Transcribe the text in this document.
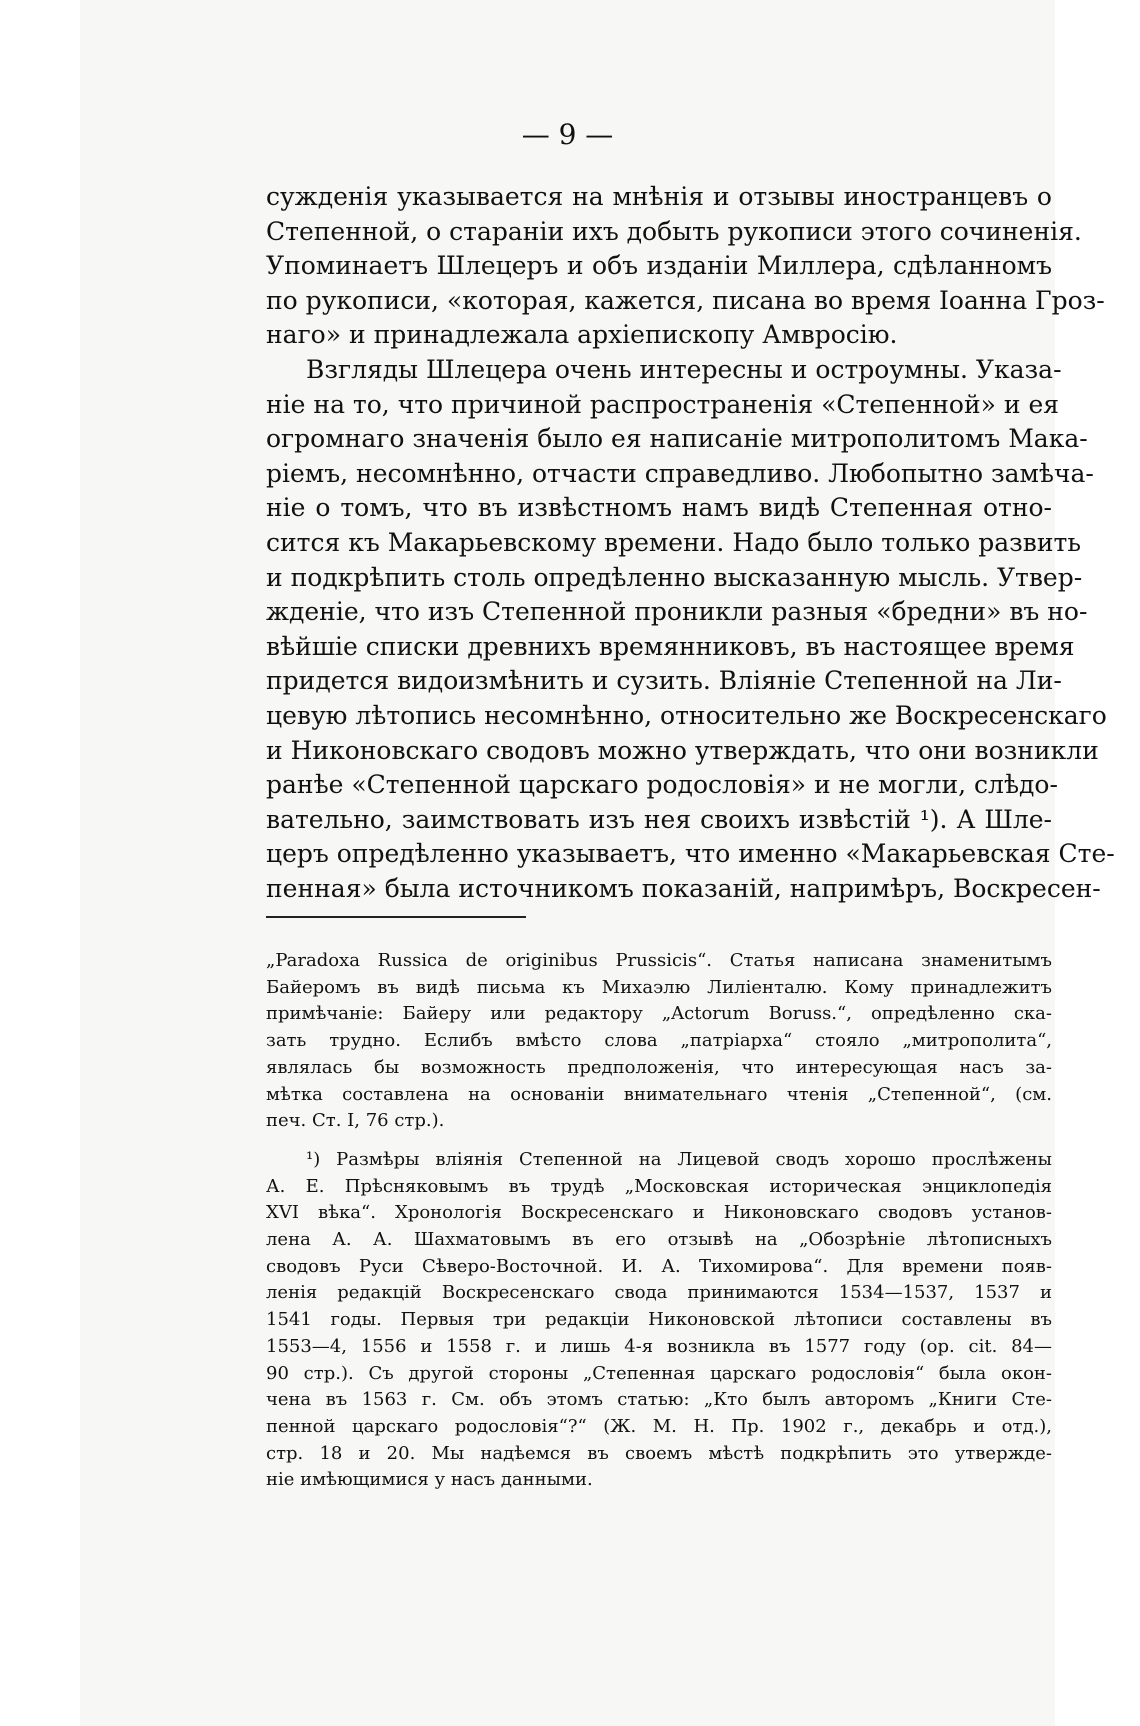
— 9 —
сужденія указывается на мнѣнія и отзывы иностранцевъ о
Степенной, о стараніи ихъ добыть рукописи этого сочиненія.
Упоминаетъ Шлецеръ и объ изданіи Миллера, сдѣланномъ
по рукописи, «которая, кажется, писана во время Іоанна Гроз-
наго» и принадлежала архіепископу Амвросію.
Взгляды Шлецера очень интересны и остроумны. Указа-
ніе на то, что причиной распространенія «Степенной» и ея
огромнаго значенія было ея написаніе митрополитомъ Мака-
ріемъ, несомнѣнно, отчасти справедливо. Любопытно замѣча-
ніе о томъ, что въ извѣстномъ намъ видѣ Степенная отно-
сится къ Макарьевскому времени. Надо было только развить
и подкрѣпить столь опредѣленно высказанную мысль. Утвер-
жденіе, что изъ Степенной проникли разныя «бредни» въ но-
вѣйшіе списки древнихъ времянниковъ, въ настоящее время
придется видоизмѣнить и сузить. Вліяніе Степенной на Ли-
цевую лѣтопись несомнѣнно, относительно же Воскресенскаго
и Никоновскаго сводовъ можно утверждать, что они возникли
ранѣе «Степенной царскаго родословія» и не могли, слѣдо-
вательно, заимствовать изъ нея своихъ извѣстій ¹). А Шле-
церъ опредѣленно указываетъ, что именно «Макарьевская Сте-
пенная» была источникомъ показаній, напримѣръ, Воскресен-
„Paradoxa Russica de originibus Prussicis“. Статья написана знаменитымъ
Байеромъ въ видѣ письма къ Михаэлю Лиліенталю. Кому принадлежитъ
примѣчаніе: Байеру или редактору „Actorum Boruss.“, опредѣленно ска-
зать трудно. Еслибъ вмѣсто слова „патріарха“ стояло „митрополита“,
являлась бы возможность предположенія, что интересующая насъ за-
мѣтка составлена на основаніи внимательнаго чтенія „Степенной“, (см.
печ. Ст. I, 76 стр.).
¹) Размѣры вліянія Степенной на Лицевой сводъ хорошо прослѣжены
А. Е. Прѣсняковымъ въ трудѣ „Московская историческая энциклопедія
XVI вѣка“. Хронологія Воскресенскаго и Никоновскаго сводовъ установ-
лена А. А. Шахматовымъ въ его отзывѣ на „Обозрѣніе лѣтописныхъ
сводовъ Руси Сѣверо-Восточной. И. А. Тихомирова“. Для времени появ-
ленія редакцій Воскресенскаго свода принимаются 1534—1537, 1537 и
1541 годы. Первыя три редакціи Никоновской лѣтописи составлены въ
1553—4, 1556 и 1558 г. и лишь 4-я возникла въ 1577 году (op. cit. 84—
90 стр.). Съ другой стороны „Степенная царскаго родословія“ была окон-
чена въ 1563 г. См. объ этомъ статью: „Кто былъ авторомъ „Книги Сте-
пенной царскаго родословія“?“ (Ж. М. Н. Пр. 1902 г., декабрь и отд.),
стр. 18 и 20. Мы надѣемся въ своемъ мѣстѣ подкрѣпить это утвержде-
ніе имѣющимися у насъ данными.
